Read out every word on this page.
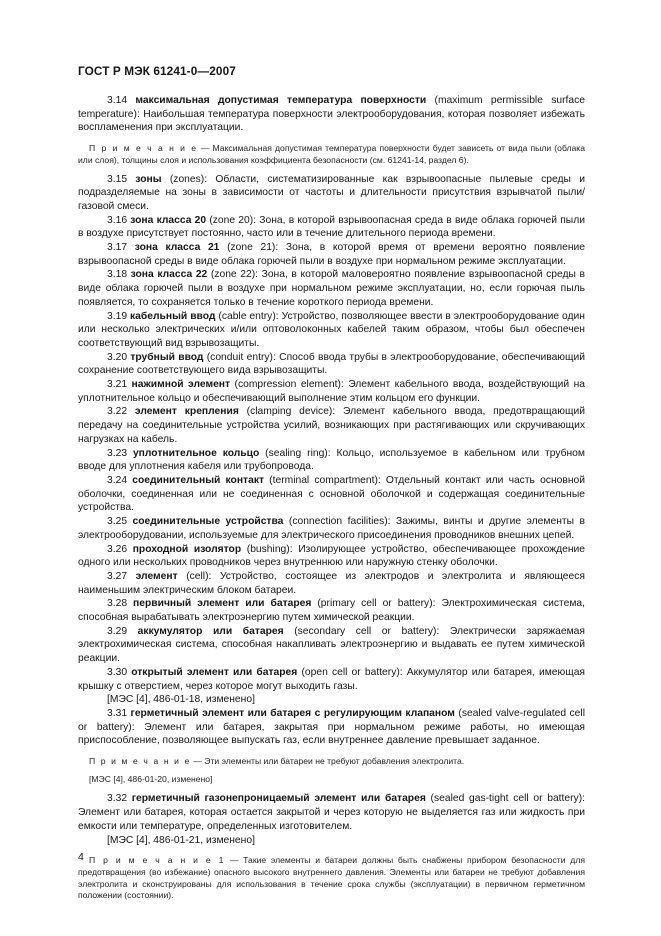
ГОСТ Р МЭК 61241-0—2007

3.14 максимальная допустимая температура поверхности (maximum permissible surface temperature): Наибольшая температура поверхности электрооборудования, которая позволяет избежать воспламенения при эксплуатации.

П р и м е ч а н и е — Максимальная допустимая температура поверхности будет зависеть от вида пыли (облака или слоя), толщины слоя и использования коэффициента безопасности (см. 61241-14, раздел 6).

3.15 зоны (zones): Области, систематизированные как взрывоопасные пылевые среды и подразделяемые на зоны в зависимости от частоты и длительности присутствия взрывчатой пыли/ газовой смеси.

3.16 зона класса 20 (zone 20): Зона, в которой взрывоопасная среда в виде облака горючей пыли в воздухе присутствует постоянно, часто или в течение длительного периода времени.

3.17 зона класса 21 (zone 21): Зона, в которой время от времени вероятно появление взрывоопасной среды в виде облака горючей пыли в воздухе при нормальном режиме эксплуатации.

3.18 зона класса 22 (zone 22): Зона, в которой маловероятно появление взрывоопасной среды в виде облака горючей пыли в воздухе при нормальном режиме эксплуатации, но, если горючая пыль появляется, то сохраняется только в течение короткого периода времени.

3.19 кабельный ввод (cable entry): Устройство, позволяющее ввести в электрооборудование один или несколько электрических и/или оптоволоконных кабелей таким образом, чтобы был обеспечен соответствующий вид взрывозащиты.

3.20 трубный ввод (conduit entry): Способ ввода трубы в электрооборудование, обеспечивающий сохранение соответствующего вида взрывозащиты.

3.21 нажимной элемент (compression element): Элемент кабельного ввода, воздействующий на уплотнительное кольцо и обеспечивающий выполнение этим кольцом его функции.

3.22 элемент крепления (clamping device): Элемент кабельного ввода, предотвращающий передачу на соединительные устройства усилий, возникающих при растягивающих или скручивающих нагрузках на кабель.

3.23 уплотнительное кольцо (sealing ring): Кольцо, используемое в кабельном или трубном вводе для уплотнения кабеля или трубопровода.

3.24 соединительный контакт (terminal compartment): Отдельный контакт или часть основной оболочки, соединенная или не соединенная с основной оболочкой и содержащая соединительные устройства.

3.25 соединительные устройства (connection facilities): Зажимы, винты и другие элементы в электрооборудовании, используемые для электрического присоединения проводников внешних цепей.

3.26 проходной изолятор (bushing): Изолирующее устройство, обеспечивающее прохождение одного или нескольких проводников через внутреннюю или наружную стенку оболочки.

3.27 элемент (cell): Устройство, состоящее из электродов и электролита и являющееся наименьшим электрическим блоком батареи.

3.28 первичный элемент или батарея (primary cell or battery): Электрохимическая система, способная вырабатывать электроэнергию путем химической реакции.

3.29 аккумулятор или батарея (secondary cell or battery): Электрически заряжаемая электрохимическая система, способная накапливать электроэнергию и выдавать ее путем химической реакции.

3.30 открытый элемент или батарея (open cell or battery): Аккумулятор или батарея, имеющая крышку с отверстием, через которое могут выходить газы.

[МЭС [4], 486-01-18, изменено]

3.31 герметичный элемент или батарея с регулирующим клапаном (sealed valve-regulated cell or battery): Элемент или батарея, закрытая при нормальном режиме работы, но имеющая приспособление, позволяющее выпускать газ, если внутреннее давление превышает заданное.

П р и м е ч а н и е — Эти элементы или батареи не требуют добавления электролита.

[МЭС [4], 486-01-20, изменено]

3.32 герметичный газонепроницаемый элемент или батарея (sealed gas-tight cell or battery): Элемент или батарея, которая остается закрытой и через которую не выделяется газ или жидкость при емкости или температуре, определенных изготовителем.

[МЭС [4], 486-01-21, изменено]

П р и м е ч а н и е 1 — Такие элементы и батареи должны быть снабжены прибором безопасности для предотвращения (во избежание) опасного высокого внутреннего давления. Элементы или батареи не требуют добавления электролита и сконструированы для использования в течение срока службы (эксплуатации) в первичном герметичном положении (состоянии).

4
